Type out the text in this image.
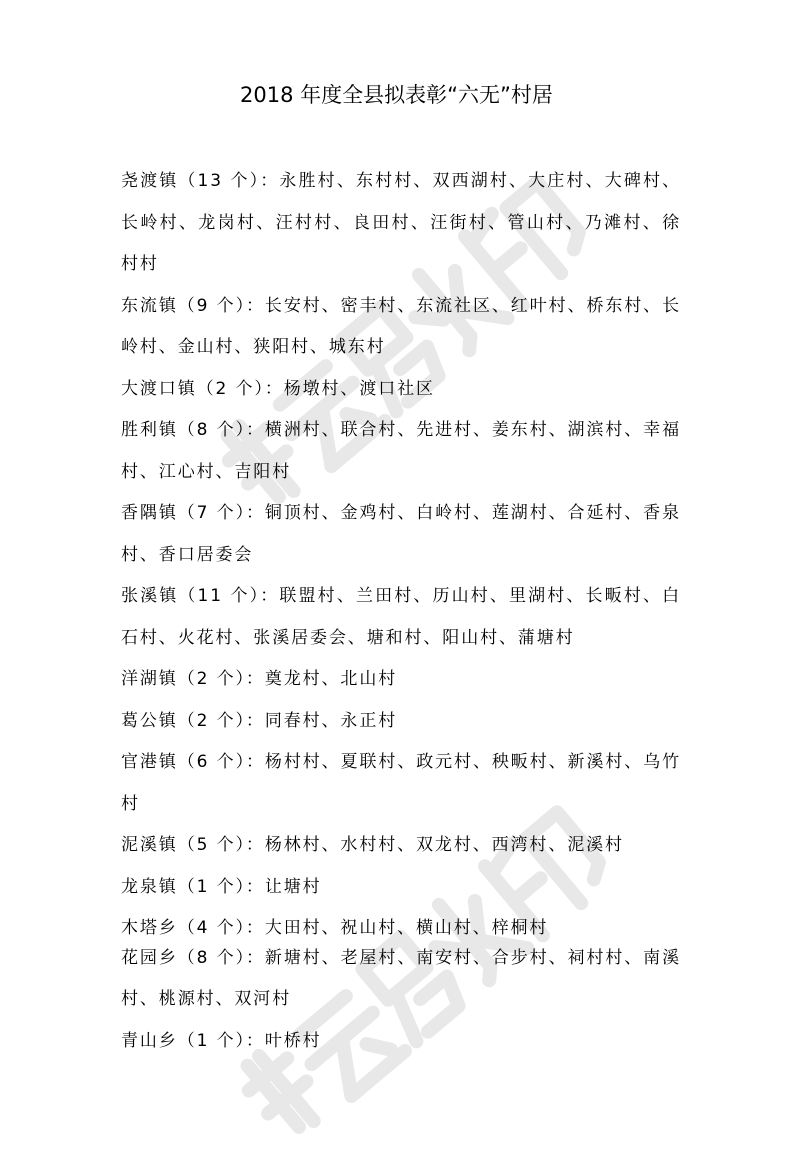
2018 年度全县拟表彰“六无”村居
尧渡镇（13 个）：永胜村、东村村、双西湖村、大庄村、大碑村、长岭村、龙岗村、汪村村、良田村、汪街村、管山村、乃滩村、徐村村
东流镇（9 个）：长安村、密丰村、东流社区、红叶村、桥东村、长岭村、金山村、狭阳村、城东村
大渡口镇（2 个）：杨墩村、渡口社区
胜利镇（8 个）：横洲村、联合村、先进村、姜东村、湖滨村、幸福村、江心村、吉阳村
香隅镇（7 个）：铜顶村、金鸡村、白岭村、莲湖村、合延村、香泉村、香口居委会
张溪镇（11 个）：联盟村、兰田村、历山村、里湖村、长畈村、白石村、火花村、张溪居委会、塘和村、阳山村、蒲塘村
洋湖镇（2 个）：奠龙村、北山村
葛公镇（2 个）：同春村、永正村
官港镇（6 个）：杨村村、夏联村、政元村、秧畈村、新溪村、乌竹村
泥溪镇（5 个）：杨林村、水村村、双龙村、西湾村、泥溪村
龙泉镇（1 个）：让塘村
木塔乡（4 个）：大田村、祝山村、横山村、梓桐村
花园乡（8 个）：新塘村、老屋村、南安村、合步村、祠村村、南溪村、桃源村、双河村
青山乡（1 个）：叶桥村
